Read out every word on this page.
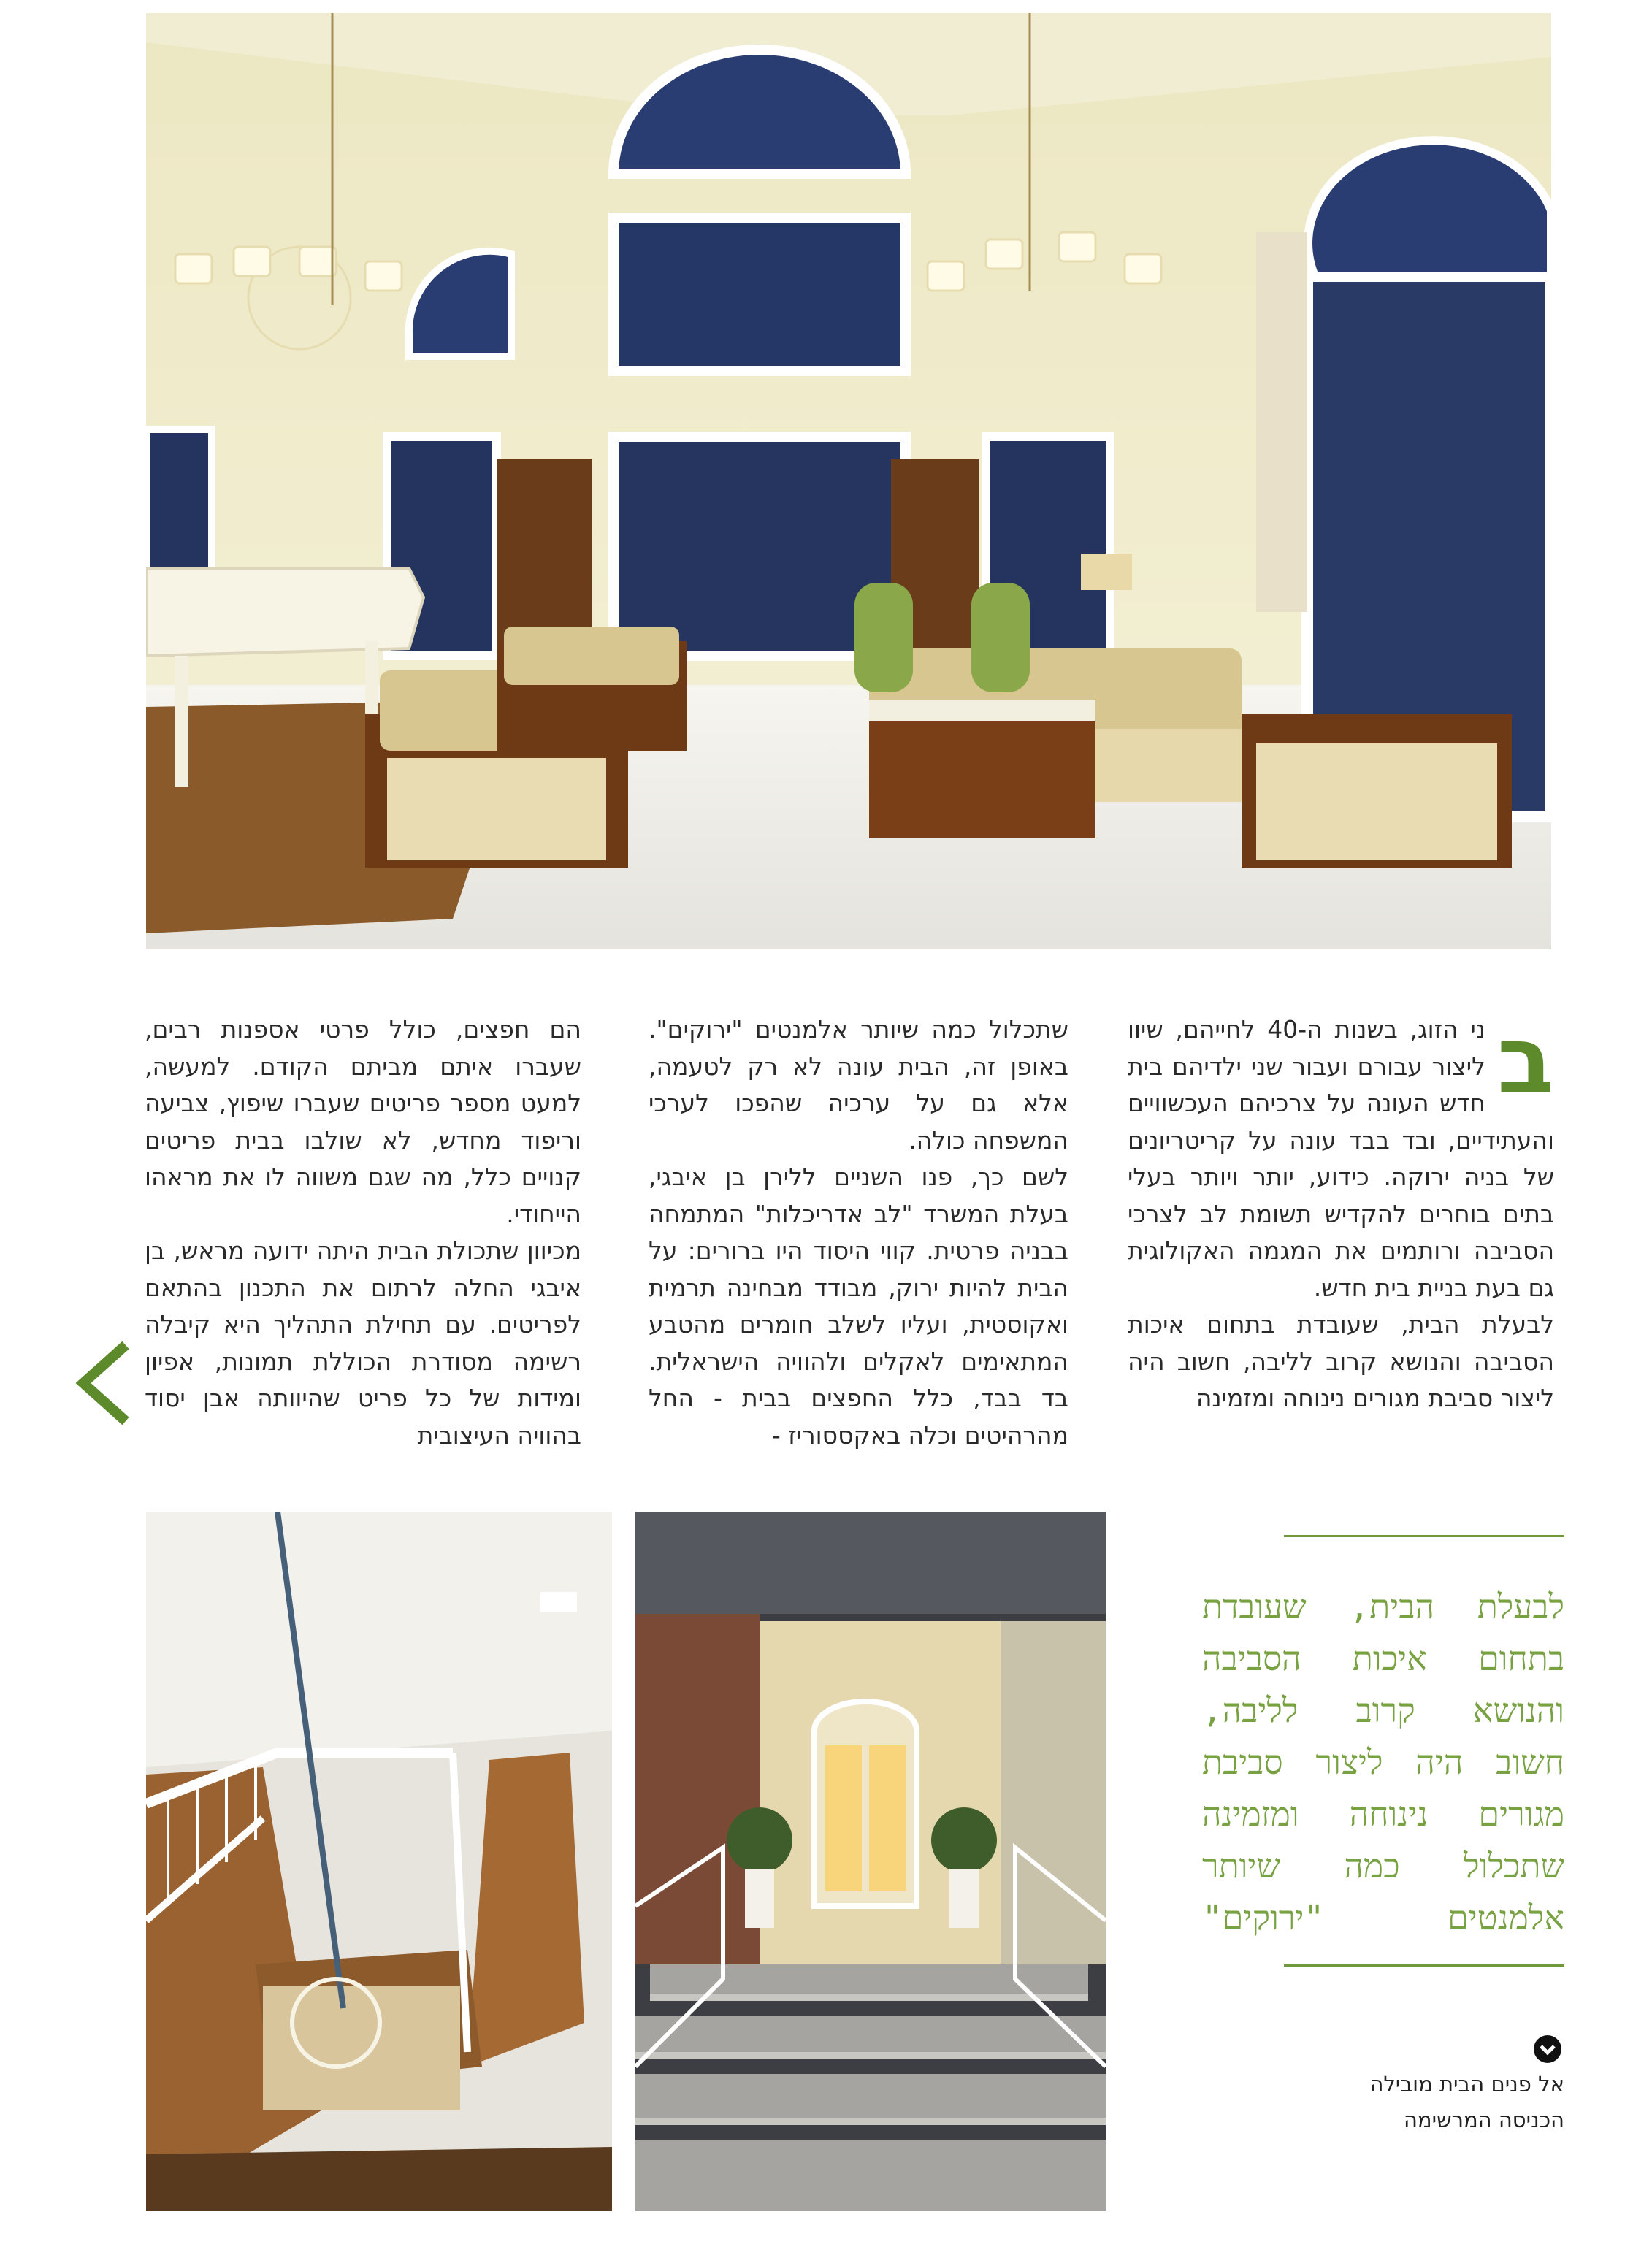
ב

ני הזוג, בשנות ה-40 לחייהם, שיוו ליצור עבורם ועבור שני ילדיהם בית חדש העונה על צרכיהם העכשוויים והעתידיים, ובד בבד עונה על קריטריונים של בניה ירוקה. כידוע, יותר ויותר בעלי בתים בוחרים להקדיש תשומת לב לצרכי הסביבה ורותמים את המגמה האקולוגית גם בעת בניית בית חדש.

לבעלת הבית, שעובדת בתחום איכות הסביבה והנושא קרוב לליבה, חשוב היה ליצור סביבת מגורים נינוחה ומזמינה

שתכלול כמה שיותר אלמנטים "ירוקים". באופן זה, הבית עונה לא רק לטעמה, אלא גם על ערכיה שהפכו לערכי המשפחה כולה.

לשם כך, פנו השניים ללירן בן איבגי, בעלת המשרד "לב אדריכלות" המתמחה בבניה פרטית. קווי היסוד היו ברורים: על הבית להיות ירוק, מבודד מבחינה תרמית ואקוסטית, ועליו לשלב חומרים מהטבע המתאימים לאקלים ולהוויה הישראלית. בד בבד, כלל החפצים בבית - החל מהרהיטים וכלה באקססוריז -

הם חפצים, כולל פרטי אספנות רבים, שעברו איתם מביתם הקודם. למעשה, למעט מספר פריטים שעברו שיפוץ, צביעה וריפוד מחדש, לא שולבו בבית פריטים קנויים כלל, מה שגם משווה לו את מראהו הייחודי.

מכיוון שתכולת הבית היתה ידועה מראש, בן איבגי החלה לרתום את התכנון בהתאם לפריטים. עם תחילת התהליך היא קיבלה רשימה מסודרת הכוללת תמונות, אפיון ומידות של כל פריט שהיוותה אבן יסוד בהוויה העיצובית

לבעלת הבית, שעובדת בתחום איכות הסביבה והנושא קרוב לליבה, חשוב היה ליצור סביבת מגורים נינוחה ומזמינה שתכלול כמה שיותר אלמנטים "ירוקים"
אל פנים הבית מובילה
הכניסה המרשימה
